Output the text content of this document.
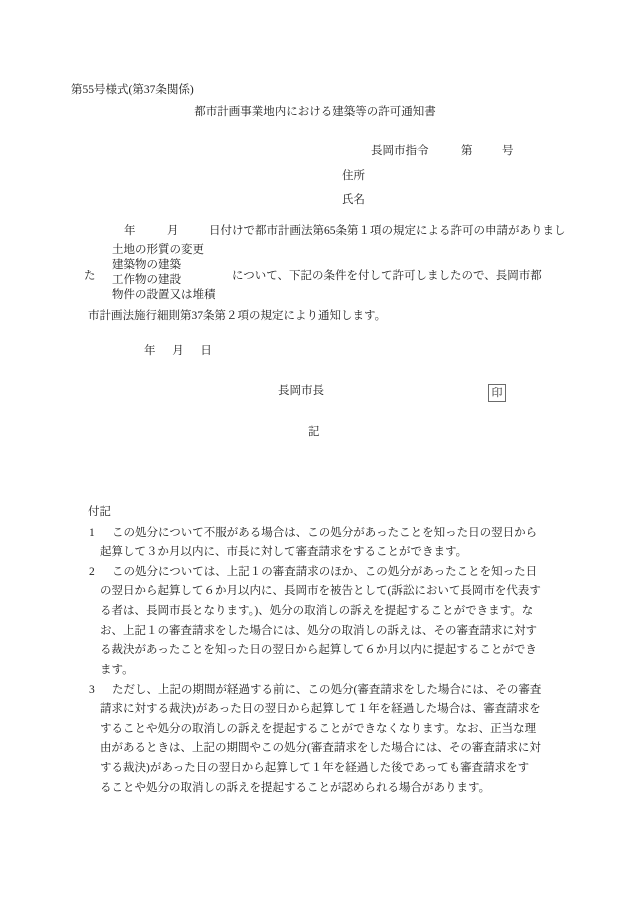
第55号様式(第37条関係)
都市計画事業地内における建築等の許可通知書
長岡市指令	第	号
住所
氏名
年	月	日付けで都市計画法第65条第１項の規定による許可の申請がありまし
た
土地の形質の変更
建築物の建築
工作物の建設
物件の設置又は堆積
について、下記の条件を付して許可しましたので、長岡市都
市計画法施行細則第37条第２項の規定により通知します。
年　月　日
長岡市長	印
記
付記
1 この処分について不服がある場合は、この処分があったことを知った日の翌日から
起算して３か月以内に、市長に対して審査請求をすることができます。
2 この処分については、上記１の審査請求のほか、この処分があったことを知った日
の翌日から起算して６か月以内に、長岡市を被告として(訴訟において長岡市を代表す
る者は、長岡市長となります。)、処分の取消しの訴えを提起することができます。な
お、上記１の審査請求をした場合には、処分の取消しの訴えは、その審査請求に対す
る裁決があったことを知った日の翌日から起算して６か月以内に提起することができ
ます。
3 ただし、上記の期間が経過する前に、この処分(審査請求をした場合には、その審査
請求に対する裁決)があった日の翌日から起算して１年を経過した場合は、審査請求を
することや処分の取消しの訴えを提起することができなくなります。なお、正当な理
由があるときは、上記の期間やこの処分(審査請求をした場合には、その審査請求に対
する裁決)があった日の翌日から起算して１年を経過した後であっても審査請求をす
ることや処分の取消しの訴えを提起することが認められる場合があります。
